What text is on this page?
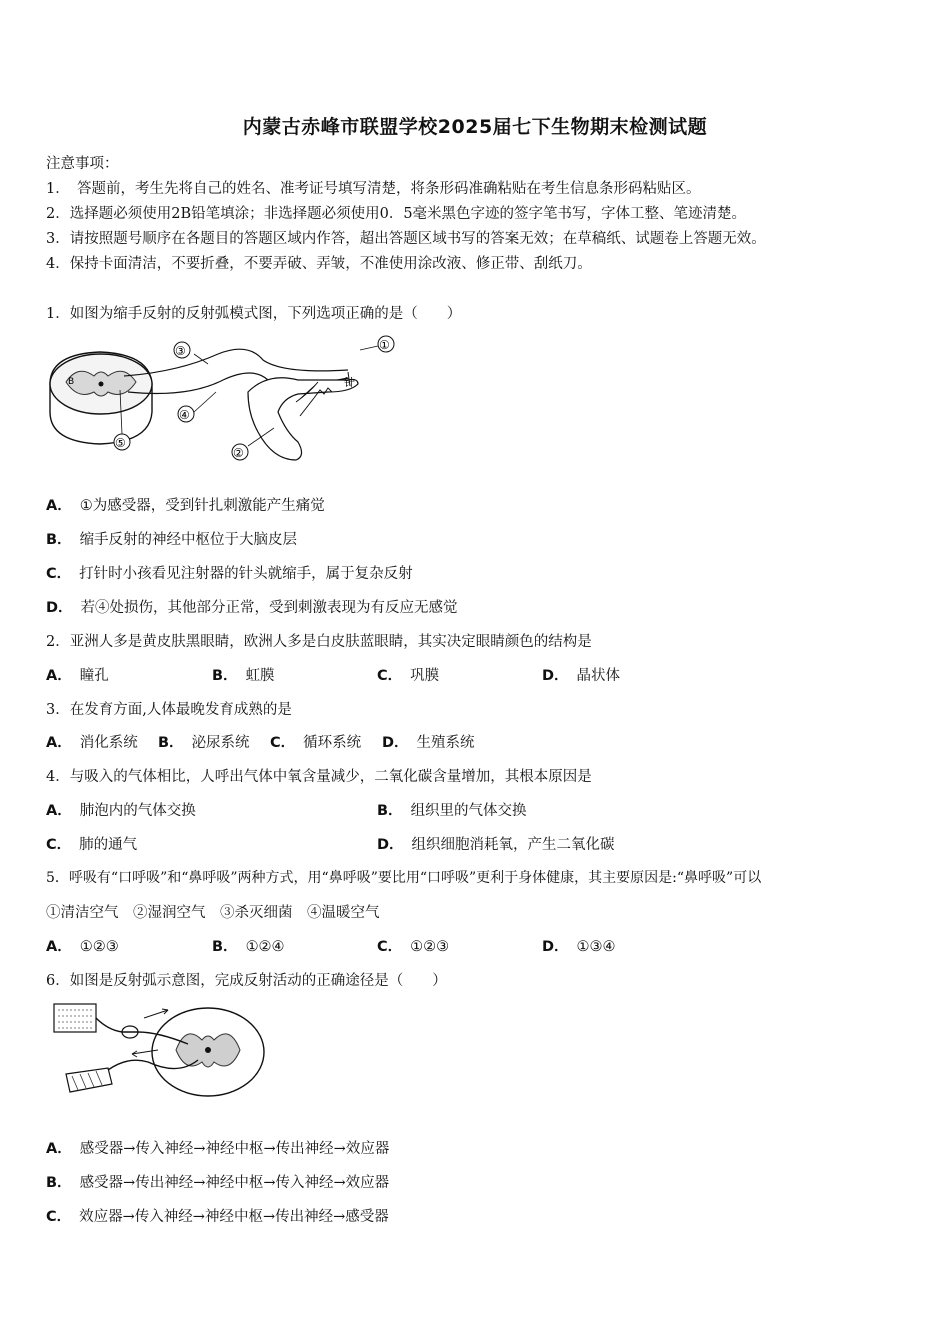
内蒙古赤峰市联盟学校2025届七下生物期末检测试题
注意事项：
1．　答题前，考生先将自己的姓名、准考证号填写清楚，将条形码准确粘贴在考生信息条形码粘贴区。
2．选择题必须使用2B铅笔填涂；非选择题必须使用0．5毫米黑色字迹的签字笔书写，字体工整、笔迹清楚。
3．请按照题号顺序在各题目的答题区域内作答，超出答题区域书写的答案无效；在草稿纸、试题卷上答题无效。
4．保持卡面清洁，不要折叠，不要弄破、弄皱，不准使用涂改液、修正带、刮纸刀。
1．如图为缩手反射的反射弧模式图，下列选项正确的是（　　）
B	针
③	①
④
⑤
②
A． ①为感受器，受到针扎刺激能产生痛觉
B． 缩手反射的神经中枢位于大脑皮层
C． 打针时小孩看见注射器的针头就缩手，属于复杂反射
D． 若④处损伤，其他部分正常，受到刺激表现为有反应无感觉
2．亚洲人多是黄皮肤黑眼睛，欧洲人多是白皮肤蓝眼睛，其实决定眼睛颜色的结构是
A． 瞳孔	B． 虹膜	C． 巩膜	D． 晶状体
3．在发育方面,人体最晚发育成熟的是
A． 消化系统 B． 泌尿系统 C． 循环系统 D． 生殖系统
4．与吸入的气体相比，人呼出气体中氧含量减少，二氧化碳含量增加，其根本原因是
A． 肺泡内的气体交换	B． 组织里的气体交换
C． 肺的通气	D． 组织细胞消耗氧，产生二氧化碳
5．呼吸有“口呼吸”和“鼻呼吸”两种方式，用“鼻呼吸”要比用“口呼吸”更利于身体健康，其主要原因是:“鼻呼吸”可以
①清洁空气　②湿润空气　③杀灭细菌　④温暖空气
A． ①②③	B． ①②④	C． ①②③	D． ①③④
6．如图是反射弧示意图，完成反射活动的正确途径是（　　）
A． 感受器→传入神经→神经中枢→传出神经→效应器
B． 感受器→传出神经→神经中枢→传入神经→效应器
C． 效应器→传入神经→神经中枢→传出神经→感受器
